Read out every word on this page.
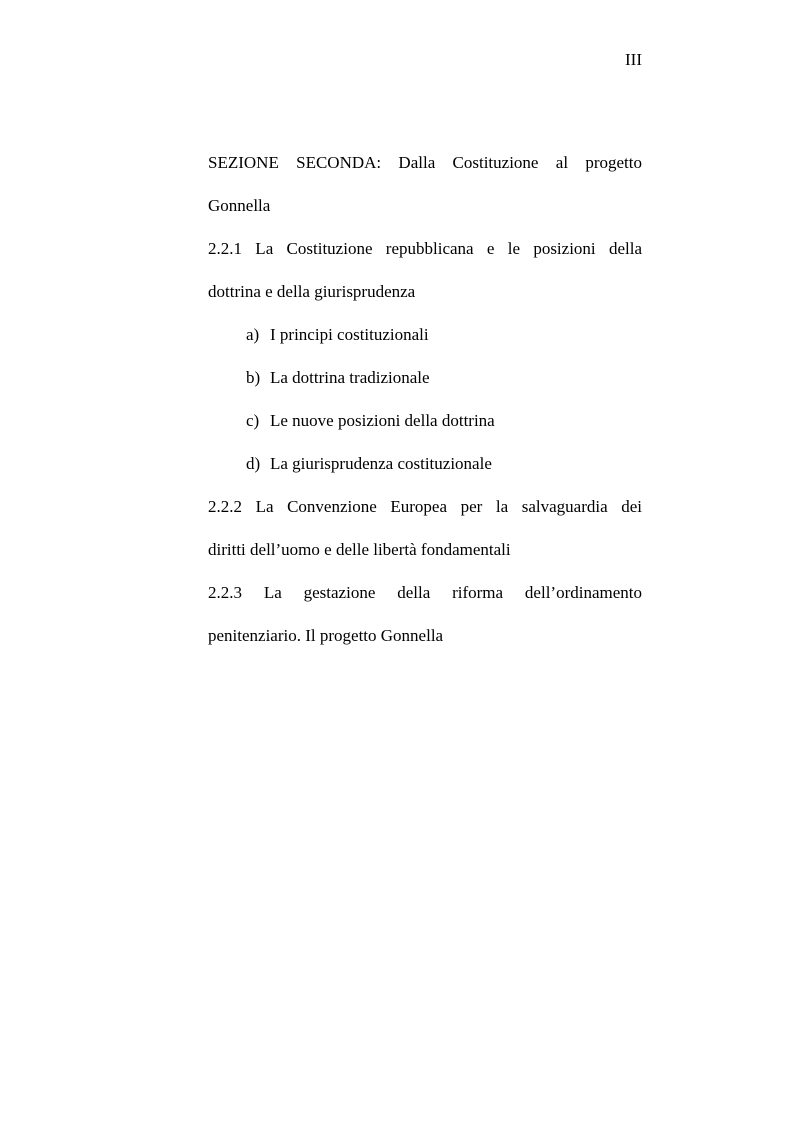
III
SEZIONE SECONDA: Dalla Costituzione al progetto
Gonnella
2.2.1 La Costituzione repubblicana e le posizioni della
dottrina e della giurisprudenza
a) I principi costituzionali
b) La dottrina tradizionale
c) Le nuove posizioni della dottrina
d) La giurisprudenza costituzionale
2.2.2 La Convenzione Europea per la salvaguardia dei
diritti dell’uomo e delle libertà fondamentali
2.2.3 La gestazione della riforma dell’ordinamento
penitenziario. Il progetto Gonnella
